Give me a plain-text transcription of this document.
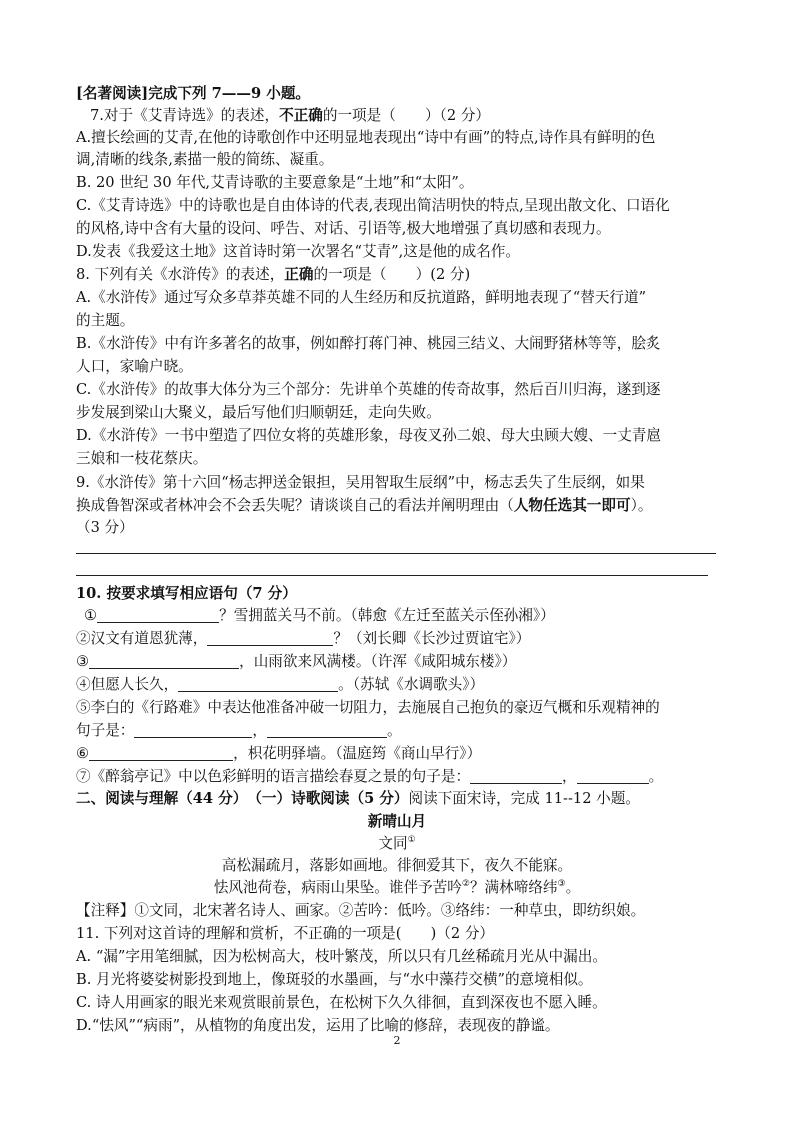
[名著阅读]完成下列 7——9 小题。
7.对于《艾青诗选》的表述，不正确的一项是（　　）（2 分）
A.擅长绘画的艾青,在他的诗歌创作中还明显地表现出“诗中有画”的特点,诗作具有鲜明的色
调,清晰的线条,素描一般的简练、凝重。
B. 20 世纪 30 年代,艾青诗歌的主要意象是“土地”和“太阳”。
C.《艾青诗选》中的诗歌也是自由体诗的代表,表现出简洁明快的特点,呈现出散文化、口语化
的风格,诗中含有大量的设问、呼告、对话、引语等,极大地增强了真切感和表现力。
D.发表《我爱这土地》这首诗时第一次署名“艾青”,这是他的成名作。
8. 下列有关《水浒传》的表述，正确的一项是（　　）(2 分)
A.《水浒传》通过写众多草莽英雄不同的人生经历和反抗道路，鲜明地表现了“替天行道”
的主题。
B.《水浒传》中有许多著名的故事，例如醉打蒋门神、桃园三结义、大闹野猪林等等，脍炙
人口，家喻户晓。
C.《水浒传》的故事大体分为三个部分：先讲单个英雄的传奇故事，然后百川归海，遂到逐
步发展到梁山大聚义，最后写他们归顺朝廷，走向失败。
D.《水浒传》一书中塑造了四位女将的英雄形象，母夜叉孙二娘、母大虫顾大嫂、一丈青扈
三娘和一枝花蔡庆。
9.《水浒传》第十六回“杨志押送金银担，吴用智取生辰纲”中，杨志丢失了生辰纲，如果
换成鲁智深或者林冲会不会丢失呢？请谈谈自己的看法并阐明理由（人物任选其一即可）。
（3 分）
10. 按要求填写相应语句（7 分）
①	？雪拥蓝关马不前。（韩愈《左迁至蓝关示侄孙湘》）
②汉文有道恩犹薄，	？（刘长卿《长沙过贾谊宅》）
③	，山雨欲来风满楼。（许浑《咸阳城东楼》）
④但愿人长久，	。（苏轼《水调歌头》）
⑤李白的《行路难》中表达他准备冲破一切阻力，去施展自己抱负的豪迈气概和乐观精神的
句子是：	，	。
⑥	，枳花明驿墙。（温庭筠《商山早行》）
⑦《醉翁亭记》中以色彩鲜明的语言描绘春夏之景的句子是：	，	。
二、阅读与理解（44 分）　（一）诗歌阅读（5 分）阅读下面宋诗，完成 11--12 小题。
新晴山月
文同①
高松漏疏月，落影如画地。徘徊爱其下，夜久不能寐。
怯风池荷卷，病雨山果坠。谁伴予苦吟②？满林啼络纬③。
【注释】①文同，北宋著名诗人、画家。②苦吟：低吟。③络纬：一种草虫，即纺织娘。
11. 下列对这首诗的理解和赏析，不正确的一项是(　　)（2 分）
A. “漏”字用笔细腻，因为松树高大，枝叶繁茂，所以只有几丝稀疏月光从中漏出。
B. 月光将婆娑树影投到地上，像斑驳的水墨画，与“水中藻荇交横”的意境相似。
C. 诗人用画家的眼光来观赏眼前景色，在松树下久久徘徊，直到深夜也不愿入睡。
D.“怯风”“病雨”，从植物的角度出发，运用了比喻的修辞，表现夜的静谧。
2
